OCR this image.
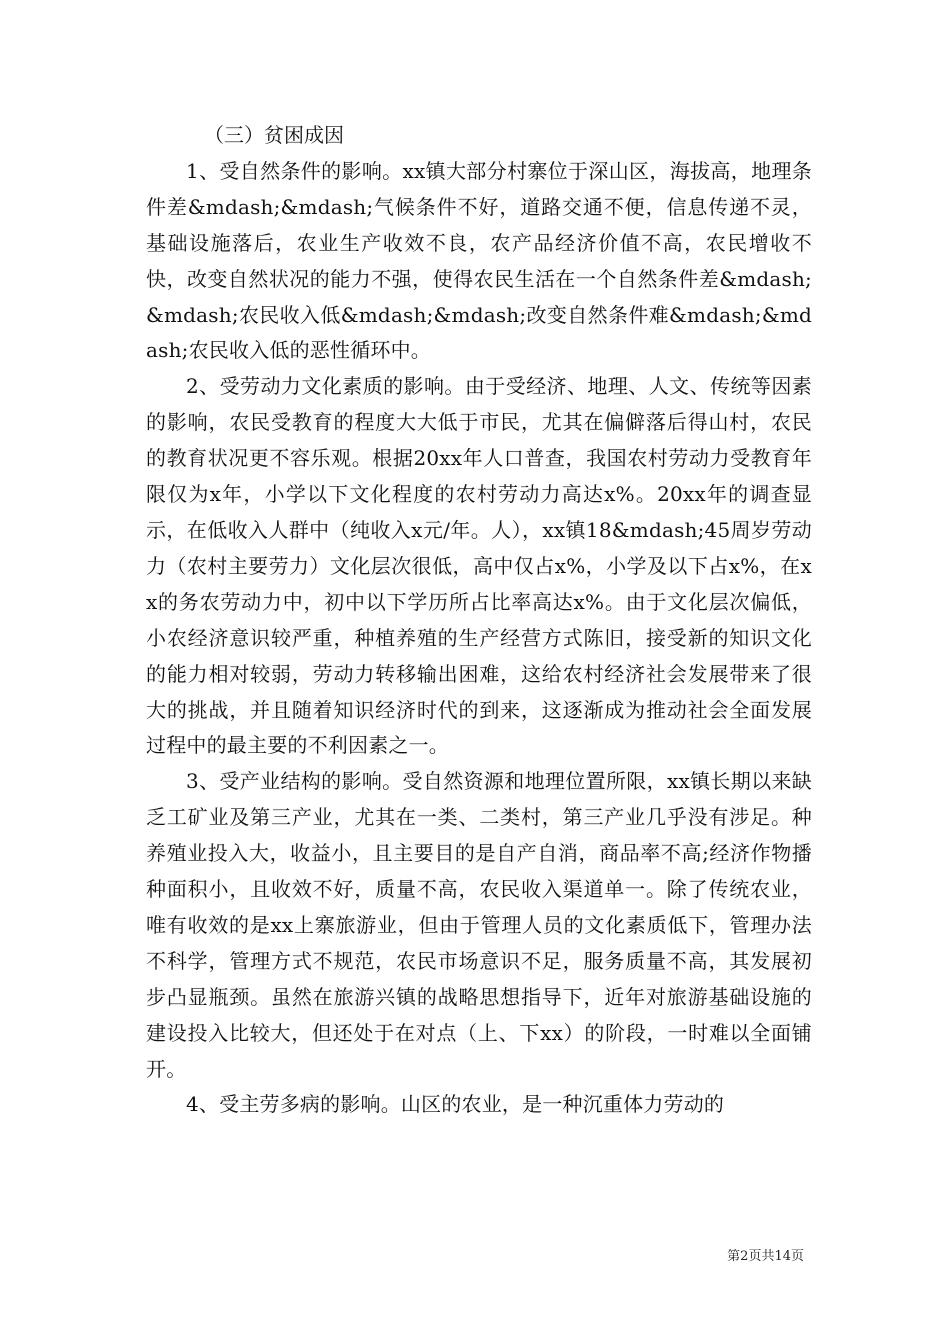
（三）贫困成因

1、受自然条件的影响。xx镇大部分村寨位于深山区，海拔高，地理条件差&mdash;&mdash;气候条件不好，道路交通不便，信息传递不灵，基础设施落后，农业生产收效不良，农产品经济价值不高，农民增收不快，改变自然状况的能力不强，使得农民生活在一个自然条件差&mdash;&mdash;农民收入低&mdash;&mdash;改变自然条件难&mdash;&mdash;农民收入低的恶性循环中。

2、受劳动力文化素质的影响。由于受经济、地理、人文、传统等因素的影响，农民受教育的程度大大低于市民，尤其在偏僻落后得山村，农民的教育状况更不容乐观。根据20xx年人口普查，我国农村劳动力受教育年限仅为x年，小学以下文化程度的农村劳动力高达x%。20xx年的调查显示，在低收入人群中（纯收入x元/年。人），xx镇18&mdash;45周岁劳动力（农村主要劳力）文化层次很低，高中仅占x%，小学及以下占x%，在xx的务农劳动力中，初中以下学历所占比率高达x%。由于文化层次偏低，小农经济意识较严重，种植养殖的生产经营方式陈旧，接受新的知识文化的能力相对较弱，劳动力转移输出困难，这给农村经济社会发展带来了很大的挑战，并且随着知识经济时代的到来，这逐渐成为推动社会全面发展过程中的最主要的不利因素之一。

3、受产业结构的影响。受自然资源和地理位置所限，xx镇长期以来缺乏工矿业及第三产业，尤其在一类、二类村，第三产业几乎没有涉足。种养殖业投入大，收益小，且主要目的是自产自消，商品率不高;经济作物播种面积小，且收效不好，质量不高，农民收入渠道单一。除了传统农业，唯有收效的是xx上寨旅游业，但由于管理人员的文化素质低下，管理办法不科学，管理方式不规范，农民市场意识不足，服务质量不高，其发展初步凸显瓶颈。虽然在旅游兴镇的战略思想指导下，近年对旅游基础设施的建设投入比较大，但还处于在对点（上、下xx）的阶段，一时难以全面铺开。

4、受主劳多病的影响。山区的农业，是一种沉重体力劳动的

第2页共14页
